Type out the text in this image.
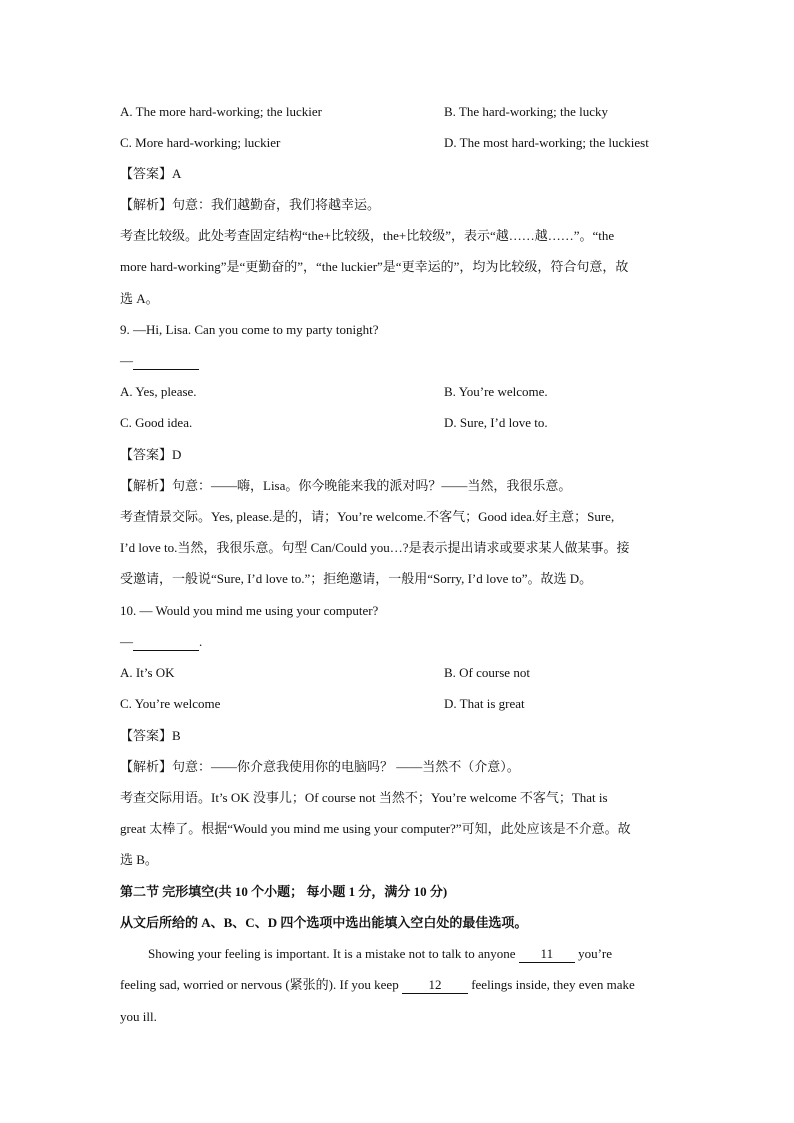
A. The more hard-working; the luckier	B. The hard-working; the lucky
C. More hard-working; luckier	D. The most hard-working; the luckiest
【答案】A
【解析】句意：我们越勤奋，我们将越幸运。
考查比较级。此处考查固定结构“the+比较级，the+比较级”，表示“越……越……”。“the
more hard-working”是“更勤奋的”，“the luckier”是“更幸运的”，均为比较级，符合句意，故
选 A。
9. —Hi, Lisa. Can you come to my party tonight?
—
A. Yes, please.	B. You’re welcome.
C. Good idea.	D. Sure, I’d love to.
【答案】D
【解析】句意：——嗨，Lisa。你今晚能来我的派对吗？——当然，我很乐意。
考查情景交际。Yes, please.是的，请；You’re welcome.不客气；Good idea.好主意；Sure,
I’d love to.当然，我很乐意。句型 Can/Could you…?是表示提出请求或要求某人做某事。接
受邀请，一般说“Sure, I’d love to.”；拒绝邀请，一般用“Sorry, I’d love to”。故选 D。
10. — Would you mind me using your computer?
—	.
A. It’s OK	B. Of course not
C. You’re welcome	D. That is great
【答案】B
【解析】句意：——你介意我使用你的电脑吗？ ——当然不（介意）。
考查交际用语。It’s OK 没事儿；Of course not 当然不；You’re welcome 不客气；That is
great 太棒了。根据“Would you mind me using your computer?”可知，此处应该是不介意。故
选 B。
第二节 完形填空(共 10 个小题； 每小题 1 分，满分 10 分)
从文后所给的 A、B、C、D 四个选项中选出能填入空白处的最佳选项。
Showing your feeling is important. It is a mistake not to talk to anyone 11 you’re
feeling sad, worried or nervous (紧张的). If you keep 12 feelings inside, they even make
you ill.
